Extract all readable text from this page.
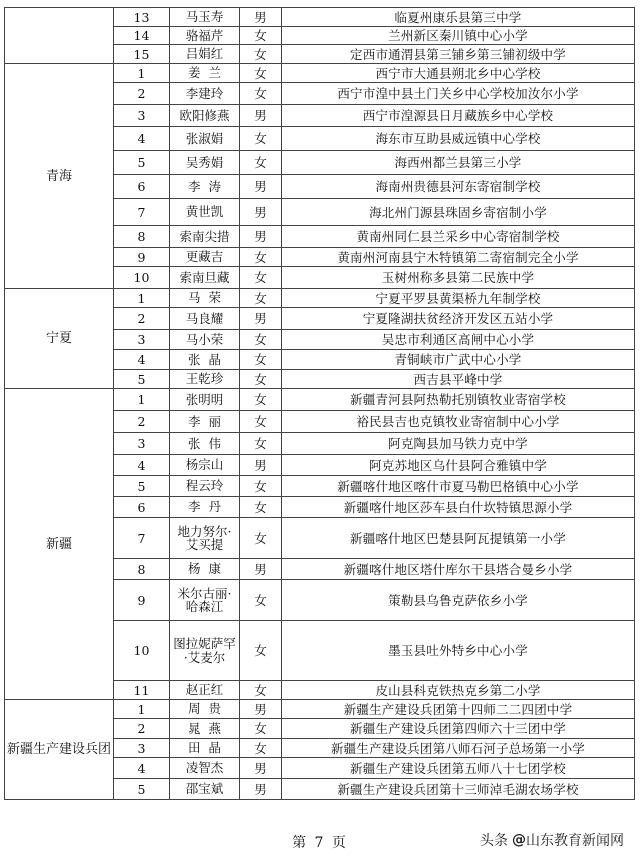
	13	马玉寿	男	临夏州康乐县第三中学
	14	骆福芹	女	兰州新区秦川镇中心小学
	15	吕娟红	女	定西市通渭县第三铺乡第三铺初级中学
青海	1	姜  兰	女	西宁市大通县朔北乡中心学校
	2	李建玲	女	西宁市湟中县土门关乡中心学校加汝尔小学
	3	欧阳修燕	男	西宁市湟源县日月藏族乡中心学校
	4	张淑娟	女	海东市互助县威远镇中心学校
	5	吴秀娟	女	海西州都兰县第三小学
	6	李  涛	男	海南州贵德县河东寄宿制学校
	7	黄世凯	男	海北州门源县珠固乡寄宿制小学
	8	索南尖措	男	黄南州同仁县兰采乡中心寄宿制学校
	9	更藏吉	女	黄南州河南县宁木特镇第二寄宿制完全小学
	10	索南旦藏	女	玉树州称多县第二民族中学
宁夏	1	马  荣	女	宁夏平罗县黄渠桥九年制学校
	2	马良耀	男	宁夏隆湖扶贫经济开发区五站小学
	3	马小荣	女	吴忠市利通区高闸中心小学
	4	张  晶	女	青铜峡市广武中心小学
	5	王乾珍	女	西吉县平峰中学
新疆	1	张明明	女	新疆青河县阿热勒托别镇牧业寄宿学校
	2	李  丽	女	裕民县吉也克镇牧业寄宿制中心小学
	3	张  伟	女	阿克陶县加马铁力克中学
	4	杨宗山	男	阿克苏地区乌什县阿合雅镇中学
	5	程云玲	女	新疆喀什地区喀什市夏马勒巴格镇中心小学
	6	李  丹	女	新疆喀什地区莎车县白什坎特镇思源小学
	7	地力努尔·艾买提	女	新疆喀什地区巴楚县阿瓦提镇第一小学
	8	杨  康	男	新疆喀什地区塔什库尔干县塔合曼乡小学
	9	米尔古丽·哈森江	女	策勒县乌鲁克萨依乡小学
	10	图拉妮萨罕·艾麦尔	女	墨玉县吐外特乡中心小学
	11	赵正红	女	皮山县科克铁热克乡第二小学
新疆生产建设兵团	1	周  贵	男	新疆生产建设兵团第十四师二二四团中学
	2	晁  燕	女	新疆生产建设兵团第四师六十三团中学
	3	田  晶	女	新疆生产建设兵团第八师石河子总场第一小学
	4	凌智杰	男	新疆生产建设兵团第五师八十七团学校
	5	邵宝斌	男	新疆生产建设兵团第十三师淖毛湖农场学校
第 7 页	头条 @ 山东教育新闻网
